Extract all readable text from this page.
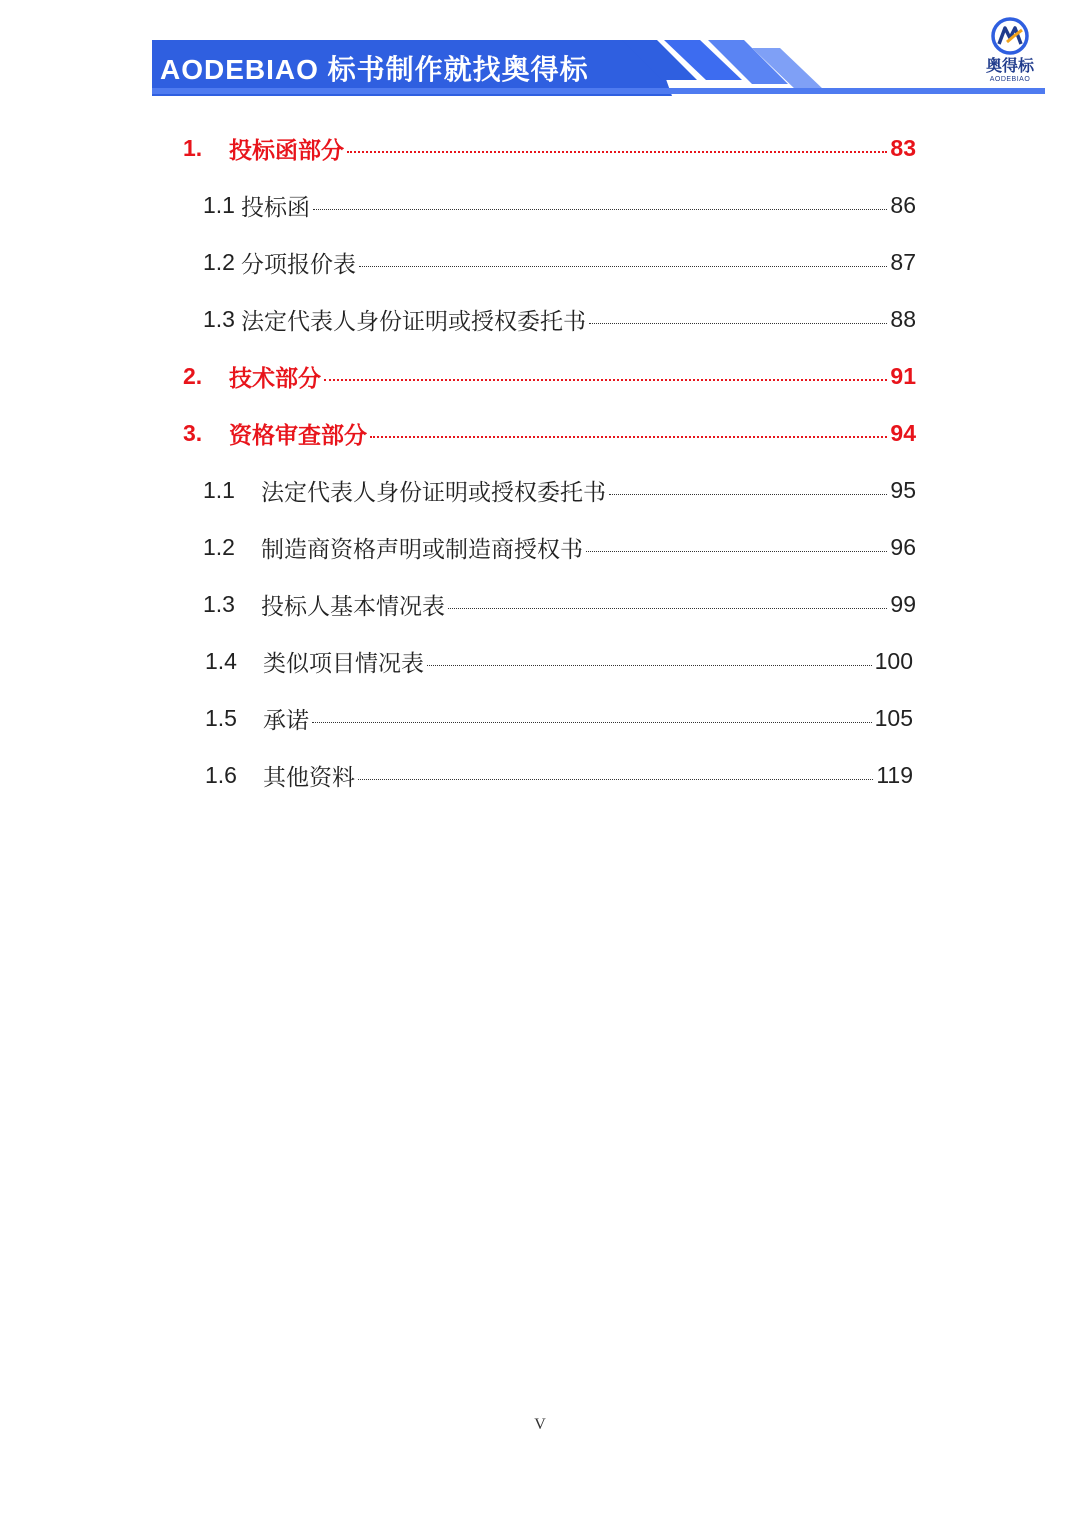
AODEBIAO 标书制作就找奥得标	奥得标
AODEBIAO
1.	投标函部分	83
1.1 投标函	86
1.2 分项报价表	87
1.3 法定代表人身份证明或授权委托书	88
2.	技术部分	91
3.	资格审查部分	94
1.1	法定代表人身份证明或授权委托书	95
1.2	制造商资格声明或制造商授权书	96
1.3	投标人基本情况表	99
1.4	类似项目情况表	100
1.5	承诺	105
1.6	其他资料	119
V
